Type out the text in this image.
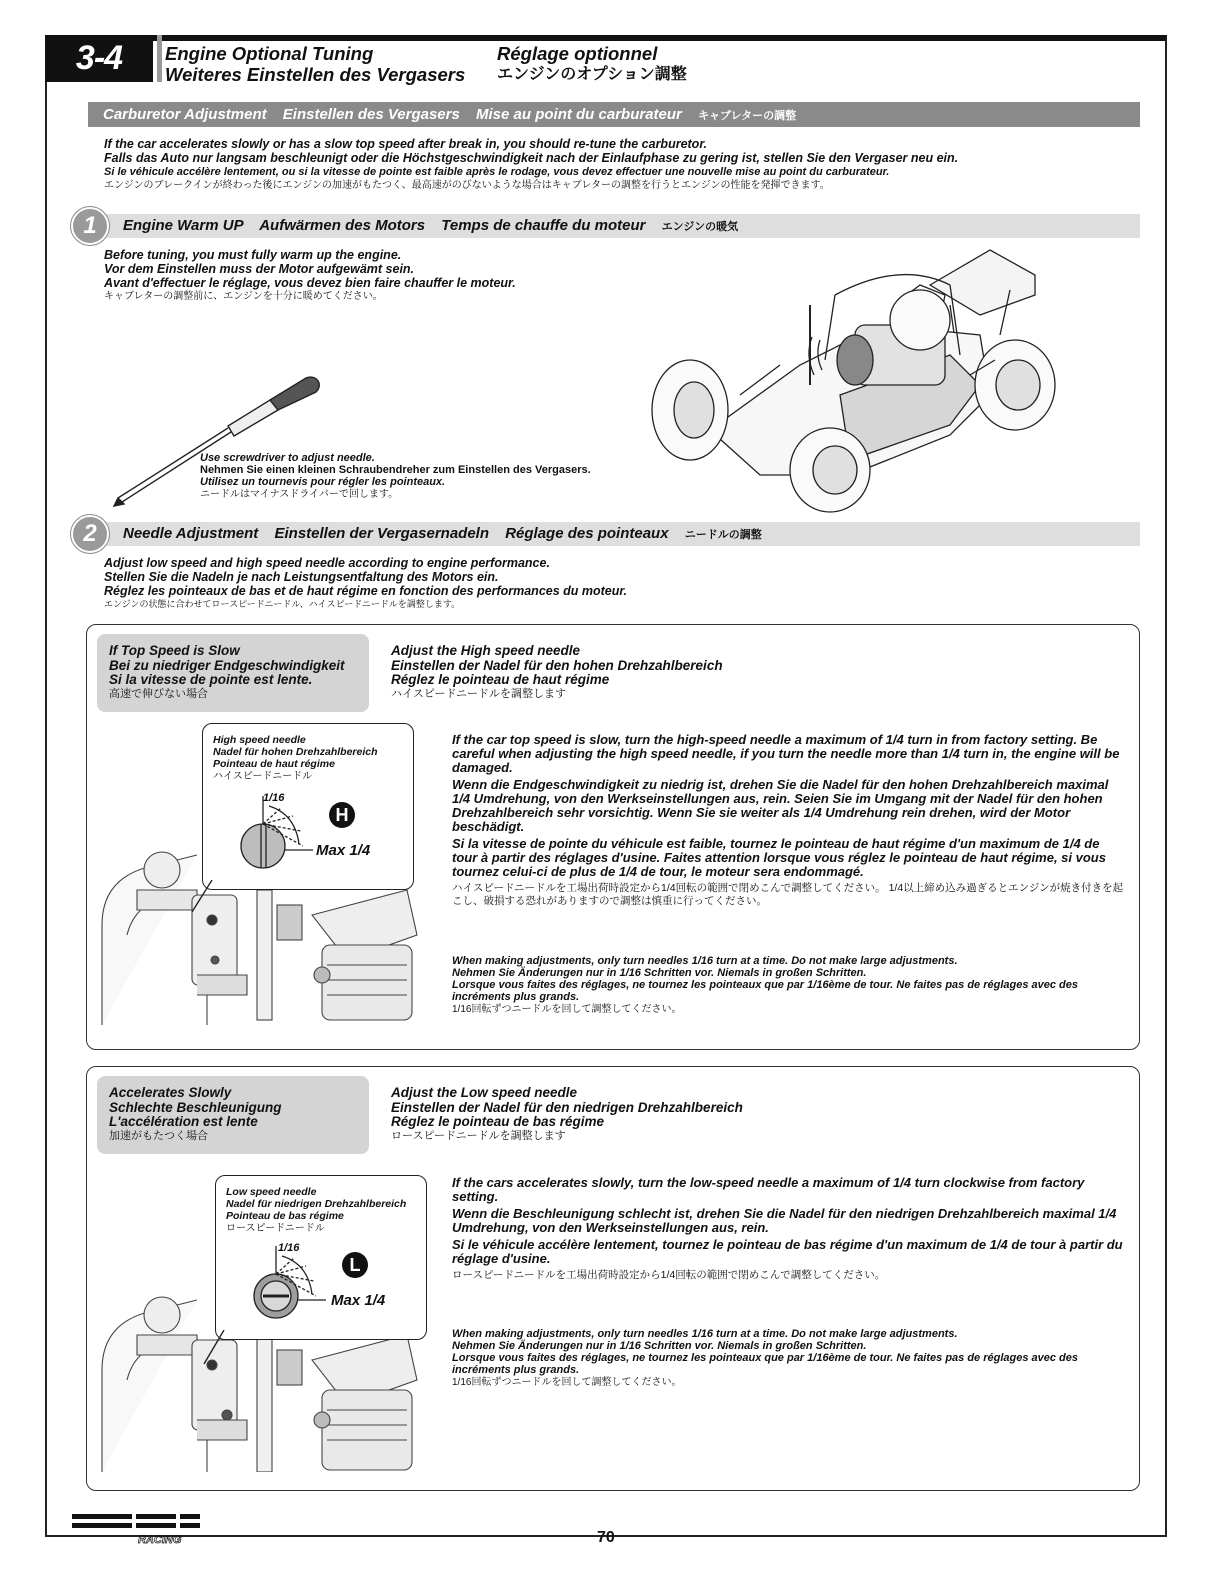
3-4	Engine Optional Tuning
Weiteres Einstellen des Vergasers
Réglage optionnel
エンジンのオプション調整
Carburetor Adjustment Einstellen des Vergasers Mise au point du carburateur キャブレターの調整
If the car accelerates slowly or has a slow top speed after break in, you should re-tune the carburetor.
Falls das Auto nur langsam beschleunigt oder die Höchstgeschwindigkeit nach der Einlaufphase zu gering ist, stellen Sie den Vergaser neu ein.
Si le véhicule accélère lentement, ou si la vitesse de pointe est faible après le rodage, vous devez effectuer une nouvelle mise au point du carburateur.
エンジンのブレークインが終わった後にエンジンの加速がもたつく、最高速がのびないような場合はキャブレターの調整を行うとエンジンの性能を発揮できます。
Engine Warm UP Aufwärmen des Motors Temps de chauffe du moteur エンジンの暖気
1
Before tuning, you must fully warm up the engine.
Vor dem Einstellen muss der Motor aufgewämt sein.
Avant d'effectuer le réglage, vous devez bien faire chauffer le moteur.
キャブレターの調整前に、エンジンを十分に暖めてください。
Use screwdriver to adjust needle.
Nehmen Sie einen kleinen Schraubendreher zum Einstellen des Vergasers.
Utilisez un tournevis pour régler les pointeaux.
ニードルはマイナスドライバーで回します。
Needle Adjustment Einstellen der Vergasernadeln Réglage des pointeaux ニードルの調整
2
Adjust low speed and high speed needle according to engine performance.
Stellen Sie die Nadeln je nach Leistungsentfaltung des Motors ein.
Réglez les pointeaux de bas et de haut régime en fonction des performances du moteur.
エンジンの状態に合わせてロースピードニードル、ハイスピードニードルを調整します。
If Top Speed is Slow
Bei zu niedriger Endgeschwindigkeit
Si la vitesse de pointe est lente.
高速で伸びない場合
Adjust the High speed needle
Einstellen der Nadel für den hohen Drehzahlbereich
Réglez le pointeau de haut régime
ハイスピードニードルを調整します
High speed needle
Nadel für hohen Drehzahlbereich
Pointeau de haut régime
ハイスピードニードル
1/16
Max 1/4
H

If the car top speed is slow, turn the high-speed needle a maximum of 1/4 turn in from factory setting. Be careful when adjusting the high speed needle, if you turn the needle more than 1/4 turn in, the engine will be damaged.

Wenn die Endgeschwindigkeit zu niedrig ist, drehen Sie die Nadel für den hohen Drehzahlbereich maximal 1/4 Umdrehung, von den Werkseinstellungen aus, rein. Seien Sie im Umgang mit der Nadel für den hohen Drehzahlbereich sehr vorsichtig. Wenn Sie sie weiter als 1/4 Umdrehung rein drehen, wird der Motor beschädigt.

Si la vitesse de pointe du véhicule est faible, tournez le pointeau de haut régime d'un maximum de 1/4 de tour à partir des réglages d'usine. Faites attention lorsque vous réglez le pointeau de haut régime, si vous tournez celui-ci de plus de 1/4 de tour, le moteur sera endommagé.

ハイスピードニードルを工場出荷時設定から1/4回転の範囲で閉めこんで調整してください。 1/4以上締め込み過ぎるとエンジンが焼き付きを起こし、破損する恐れがありますので調整は慎重に行ってください。

When making adjustments, only turn needles 1/16 turn at a time. Do not make large adjustments.
Nehmen Sie Änderungen nur in 1/16 Schritten vor. Niemals in großen Schritten.
Lorsque vous faites des réglages, ne tournez les pointeaux que par 1/16ème de tour. Ne faites pas de réglages avec des incréments plus grands.
1/16回転ずつニードルを回して調整してください。
Accelerates Slowly
Schlechte Beschleunigung
L'accélération est lente
加速がもたつく場合
Adjust the Low speed needle
Einstellen der Nadel für den niedrigen Drehzahlbereich
Réglez le pointeau de bas régime
ロースピードニードルを調整します
Low speed needle
Nadel für niedrigen Drehzahlbereich
Pointeau de bas régime
ロースピードニードル
1/16
Max 1/4
L

If the cars accelerates slowly, turn the low-speed needle a maximum of 1/4 turn clockwise from factory setting.

Wenn die Beschleunigung schlecht ist, drehen Sie die Nadel für den niedrigen Drehzahlbereich maximal 1/4 Umdrehung, von den Werkseinstellungen aus, rein.

Si le véhicule accélère lentement, tournez le pointeau de bas régime d'un maximum de 1/4 de tour à partir du réglage d'usine.

ロースピードニードルを工場出荷時設定から1/4回転の範囲で閉めこんで調整してください。

When making adjustments, only turn needles 1/16 turn at a time. Do not make large adjustments.
Nehmen Sie Änderungen nur in 1/16 Schritten vor. Niemals in großen Schritten.
Lorsque vous faites des réglages, ne tournez les pointeaux que par 1/16ème de tour. Ne faites pas de réglages avec des incréments plus grands.
1/16回転ずつニードルを回して調整してください。
RACING	70
